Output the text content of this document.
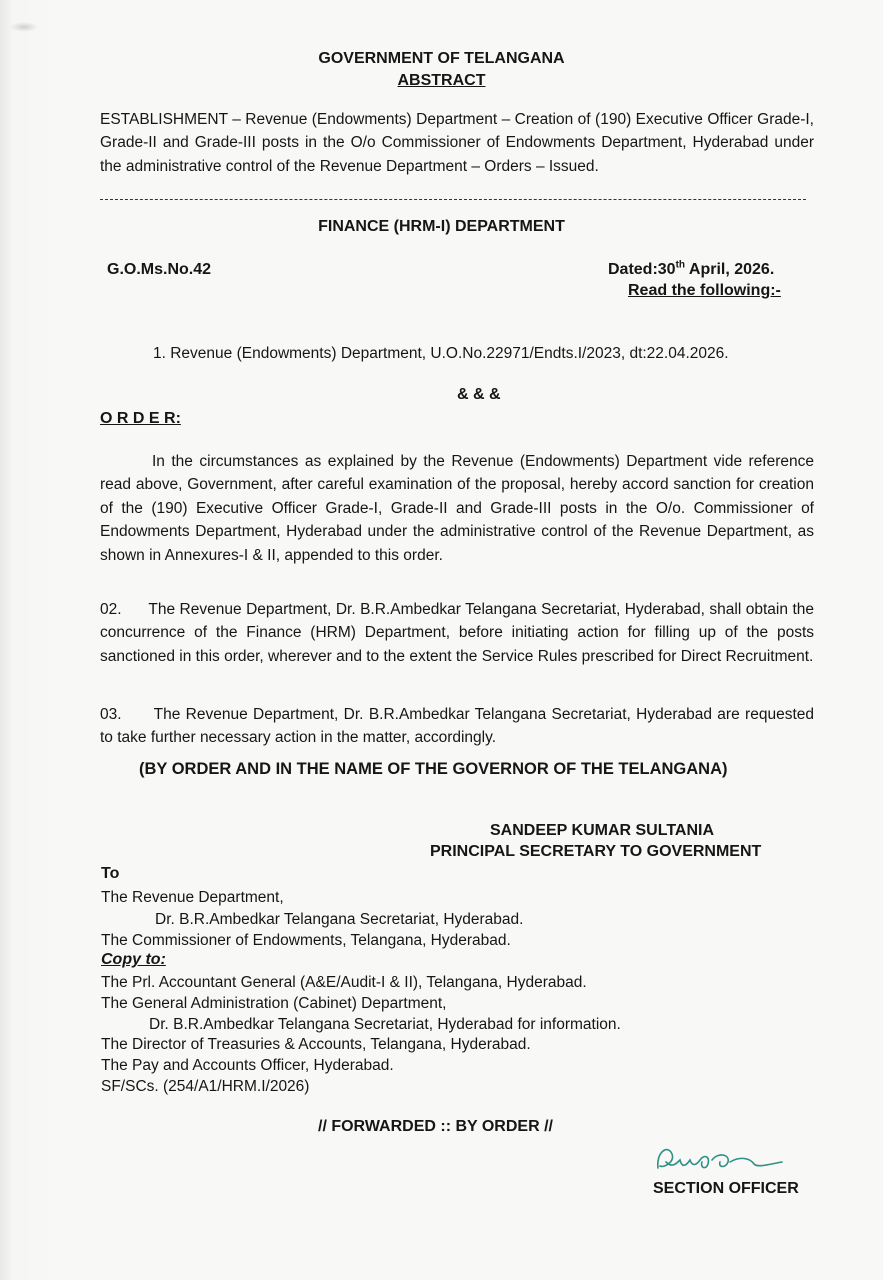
GOVERNMENT OF TELANGANA
ABSTRACT
ESTABLISHMENT – Revenue (Endowments) Department – Creation of (190) Executive Officer Grade-I, Grade-II and Grade-III posts in the O/o Commissioner of Endowments Department, Hyderabad under the administrative control of the Revenue Department – Orders – Issued.
FINANCE (HRM-I) DEPARTMENT
G.O.Ms.No.42	Dated:30th April, 2026.
Read the following:-
1. Revenue (Endowments) Department, U.O.No.22971/Endts.I/2023, dt:22.04.2026.
& & &
O R D E R:
In the circumstances as explained by the Revenue (Endowments) Department vide reference read above, Government, after careful examination of the proposal, hereby accord sanction for creation of the (190) Executive Officer Grade-I, Grade-II and Grade-III posts in the O/o. Commissioner of Endowments Department, Hyderabad under the administrative control of the Revenue Department, as shown in Annexures-I & II, appended to this order.
02. The Revenue Department, Dr. B.R.Ambedkar Telangana Secretariat, Hyderabad, shall obtain the concurrence of the Finance (HRM) Department, before initiating action for filling up of the posts sanctioned in this order, wherever and to the extent the Service Rules prescribed for Direct Recruitment.
03. The Revenue Department, Dr. B.R.Ambedkar Telangana Secretariat, Hyderabad are requested to take further necessary action in the matter, accordingly.
(BY ORDER AND IN THE NAME OF THE GOVERNOR OF THE TELANGANA)
SANDEEP KUMAR SULTANIA
PRINCIPAL SECRETARY TO GOVERNMENT
To
The Revenue Department,
Dr. B.R.Ambedkar Telangana Secretariat, Hyderabad.
The Commissioner of Endowments, Telangana, Hyderabad.
Copy to:
The Prl. Accountant General (A&E/Audit-I & II), Telangana, Hyderabad.
The General Administration (Cabinet) Department,
Dr. B.R.Ambedkar Telangana Secretariat, Hyderabad for information.
The Director of Treasuries & Accounts, Telangana, Hyderabad.
The Pay and Accounts Officer, Hyderabad.
SF/SCs. (254/A1/HRM.I/2026)
// FORWARDED :: BY ORDER //
SECTION OFFICER
